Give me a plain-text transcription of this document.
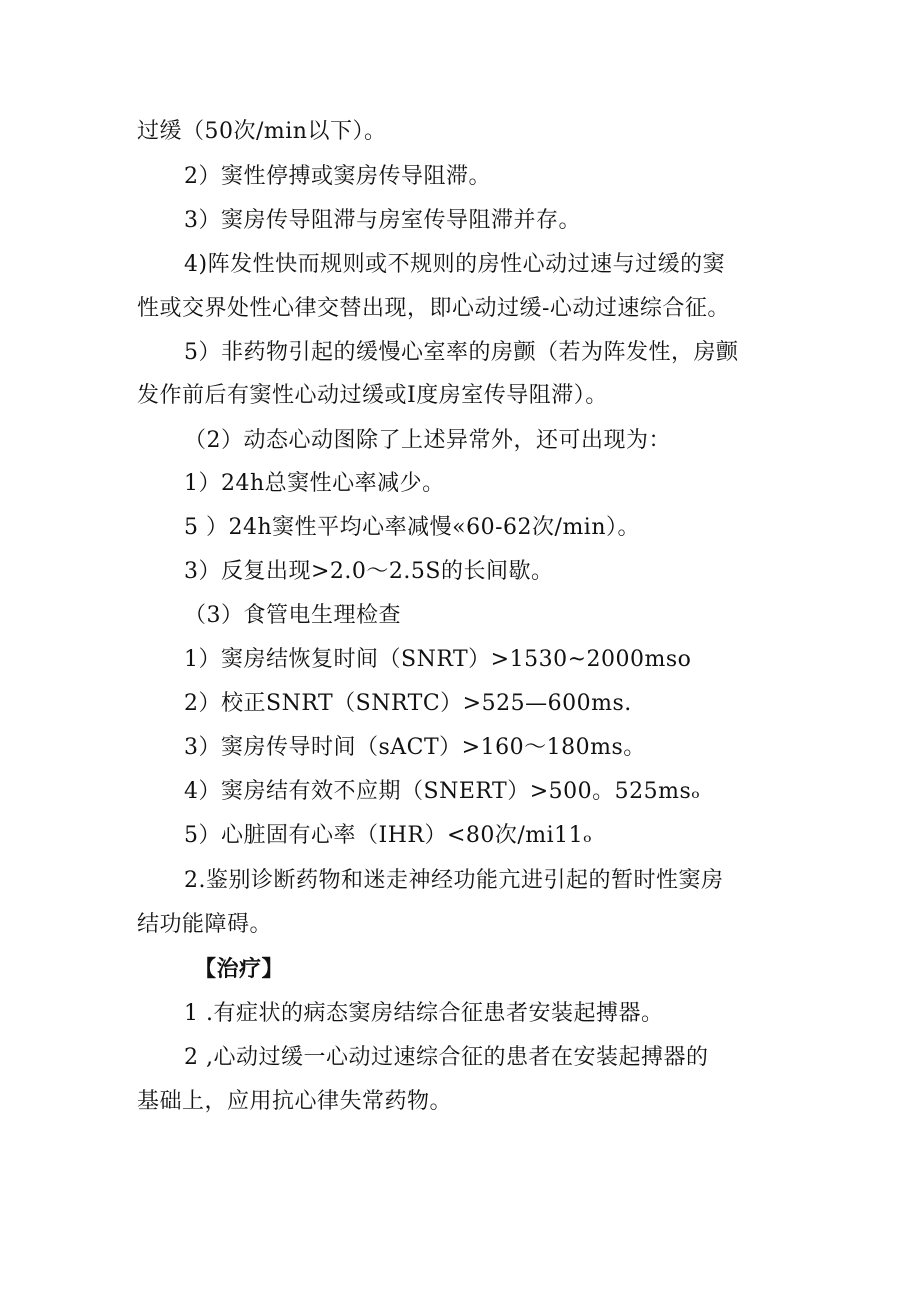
过缓（50次/min以下）。
2）窦性停搏或窦房传导阻滞。
3）窦房传导阻滞与房室传导阻滞并存。
4)阵发性快而规则或不规则的房性心动过速与过缓的窦
性或交界处性心律交替出现，即心动过缓-心动过速综合征。
5）非药物引起的缓慢心室率的房颤（若为阵发性，房颤
发作前后有窦性心动过缓或I度房室传导阻滞）。
（2）动态心动图除了上述异常外，还可出现为：
1）24h总窦性心率减少。
5 ）24h窦性平均心率减慢«60-62次/min）。
3）反复出现>2.0～2.5S的长间歇。
（3）食管电生理检查
1）窦房结恢复时间（SNRT）>1530~2000mso
2）校正SNRT（SNRTC）>525—600ms.
3）窦房传导时间（sACT）>160～180ms。
4）窦房结有效不应期（SNERT）>500。525msₒ
5）心脏固有心率（IHR）<80次/mi11ₒ
2.鉴别诊断药物和迷走神经功能亢进引起的暂时性窦房
结功能障碍。
【治疗】
1 .有症状的病态窦房结综合征患者安装起搏器。
2 ,心动过缓一心动过速综合征的患者在安装起搏器的
基础上，应用抗心律失常药物。
